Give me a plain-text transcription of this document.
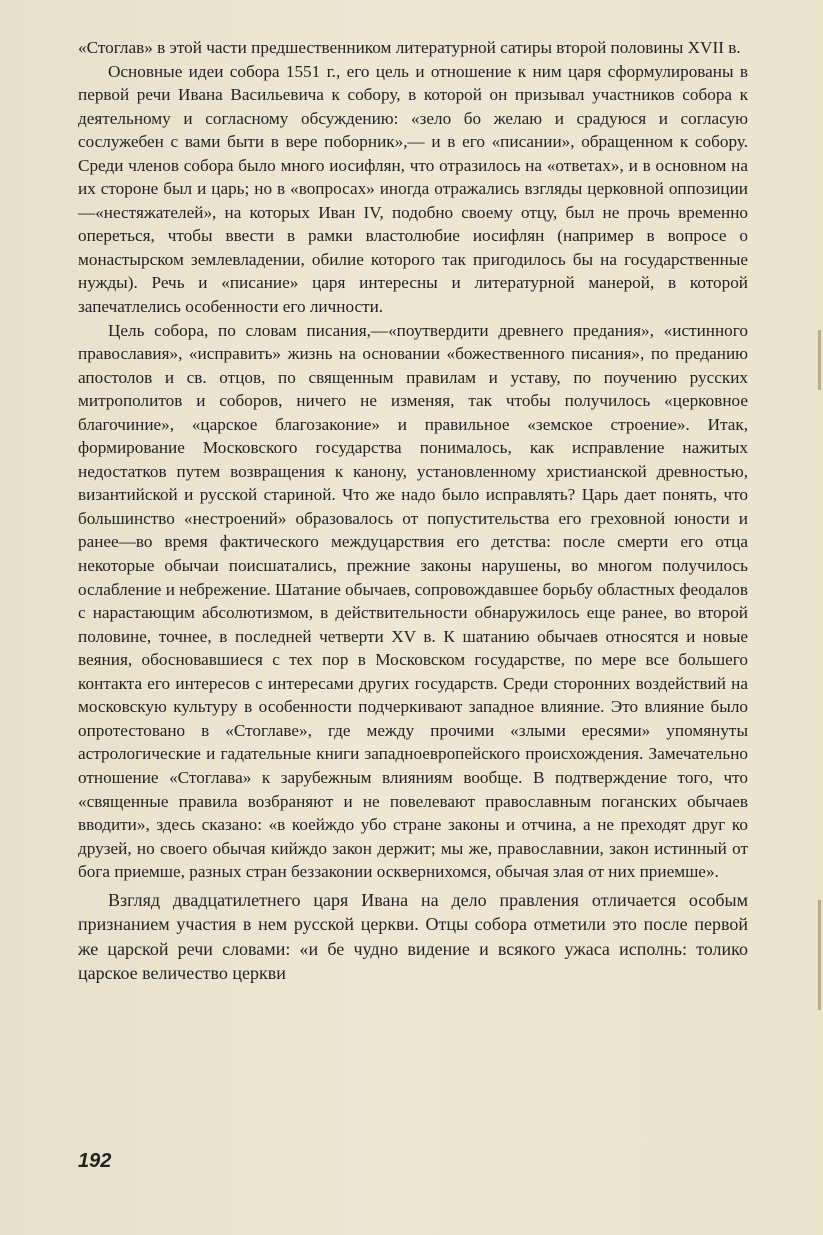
«Стоглав» в этой части предшественником литературной сатиры второй половины XVII в.

Основные идеи собора 1551 г., его цель и отношение к ним царя сформулированы в первой речи Ивана Васильевича к собору, в которой он призывал участников собора к деятельному и согласному обсуждению: «зело бо желаю и срадуюся и согласую сослужебен с вами быти в вере поборник»,— и в его «писании», обращенном к собору. Среди членов собора было много иосифлян, что отразилось на «ответах», и в основном на их стороне был и царь; но в «вопросах» иногда отражались взгляды церковной оппозиции—«нестяжателей», на которых Иван IV, подобно своему отцу, был не прочь временно опереться, чтобы ввести в рамки властолюбие иосифлян (например в вопросе о монастырском землевладении, обилие которого так пригодилось бы на государственные нужды). Речь и «писание» царя интересны и литературной манерой, в которой запечатлелись особенности его личности.

Цель собора, по словам писания,—«поутвердити древнего предания», «истинного православия», «исправить» жизнь на основании «божественного писания», по преданию апостолов и св. отцов, по священным правилам и уставу, по поучению русских митрополитов и соборов, ничего не изменяя, так чтобы получилось «церковное благочиние», «царское благозаконие» и правильное «земское строение». Итак, формирование Московского государства понималось, как исправление нажитых недостатков путем возвращения к канону, установленному христианской древностью, византийской и русской стариной. Что же надо было исправлять? Царь дает понять, что большинство «нестроений» образовалось от попустительства его греховной юности и ранее—во время фактического междуцарствия его детства: после смерти его отца некоторые обычаи поисшатались, прежние законы нарушены, во многом получилось ослабление и небрежение. Шатание обычаев, сопровождавшее борьбу областных феодалов с нарастающим абсолютизмом, в действительности обнаружилось еще ранее, во второй половине, точнее, в последней четверти XV в. К шатанию обычаев относятся и новые веяния, обосновавшиеся с тех пор в Московском государстве, по мере все большего контакта его интересов с интересами других государств. Среди сторонних воздействий на московскую культуру в особенности подчеркивают западное влияние. Это влияние было опротестовано в «Стоглаве», где между прочими «злыми ересями» упомянуты астрологические и гадательные книги западноевропейского происхождения. Замечательно отношение «Стоглава» к зарубежным влияниям вообще. В подтверждение того, что «священные правила возбраняют и не повелевают православным поганских обычаев вводити», здесь сказано: «в коейждо убо стране законы и отчина, а не преходят друг ко друзей, но своего обычая кийждо закон держит; мы же, православнии, закон истинный от бога приемше, разных стран беззаконии осквернихомся, обычая злая от них приемше».

Взгляд двадцатилетнего царя Ивана на дело правления отличается особым признанием участия в нем русской церкви. Отцы собора отметили это после первой же царской речи словами: «и бе чудно видение и всякого ужаса исполнь: толико царское величество церкви

192
